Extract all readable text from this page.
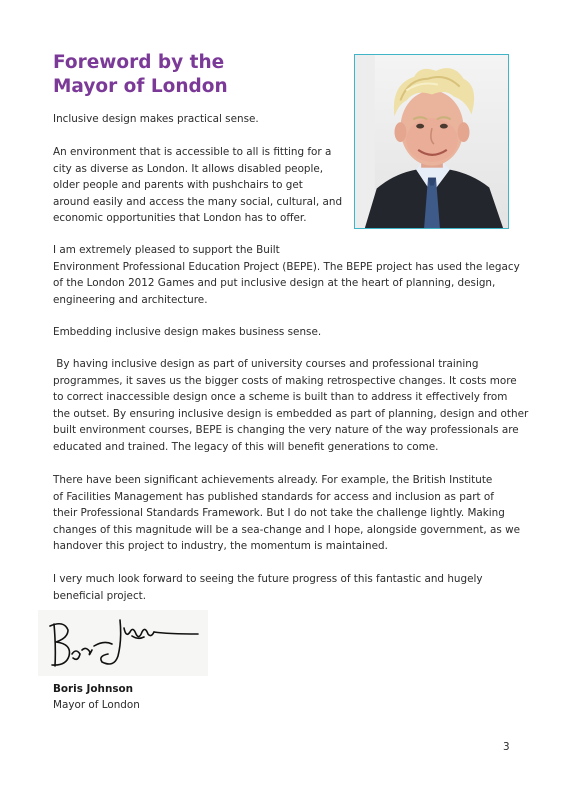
Foreword by the
Mayor of London

Inclusive design makes practical sense.

An environment that is accessible to all is fitting for a
city as diverse as London. It allows disabled people,
older people and parents with pushchairs to get
around easily and access the many social, cultural, and
economic opportunities that London has to offer.

I am extremely pleased to support the Built
Environment Professional Education Project (BEPE). The BEPE project has used the legacy
of the London 2012 Games and put inclusive design at the heart of planning, design,
engineering and architecture.

Embedding inclusive design makes business sense.

By having inclusive design as part of university courses and professional training
programmes, it saves us the bigger costs of making retrospective changes. It costs more
to correct inaccessible design once a scheme is built than to address it effectively from
the outset. By ensuring inclusive design is embedded as part of planning, design and other
built environment courses, BEPE is changing the very nature of the way professionals are
educated and trained. The legacy of this will benefit generations to come.

There have been significant achievements already. For example, the British Institute
of Facilities Management has published standards for access and inclusion as part of
their Professional Standards Framework. But I do not take the challenge lightly. Making
changes of this magnitude will be a sea-change and I hope, alongside government, as we
handover this project to industry, the momentum is maintained.

I very much look forward to seeing the future progress of this fantastic and hugely
beneficial project.

Boris Johnson
Mayor of London
3
